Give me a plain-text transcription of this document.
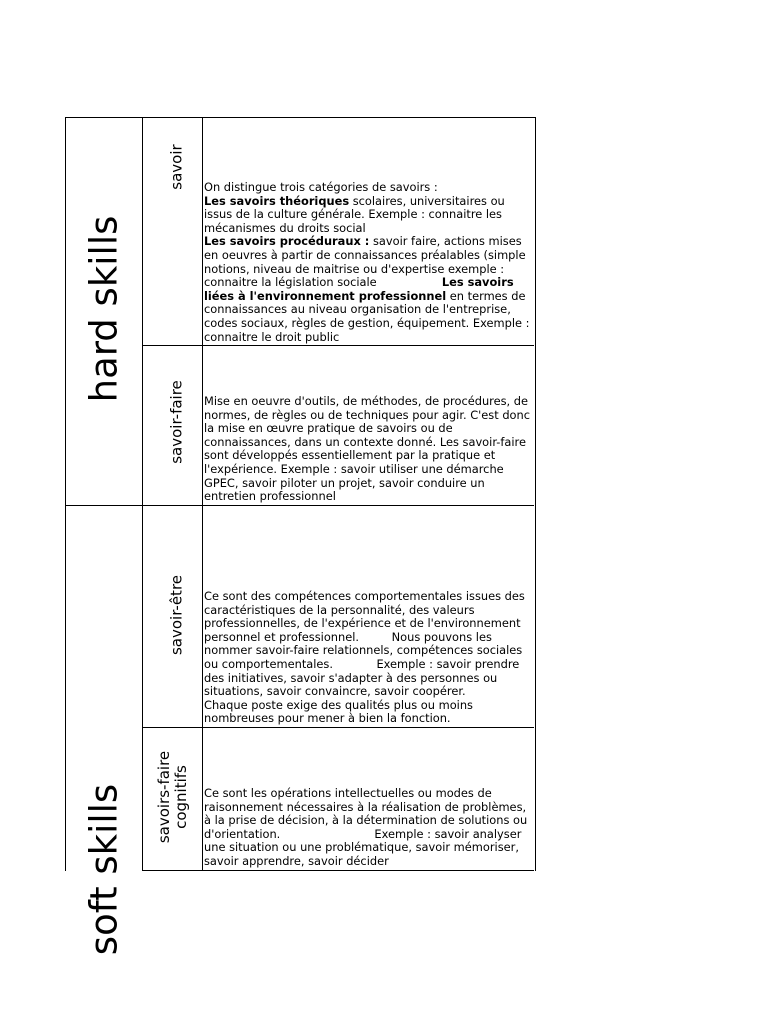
hard skills
soft skills
savoir
savoir-faire
savoir-être
savoirs-faire
cognitifs
On distingue trois catégories de savoirs :
Les savoirs théoriques scolaires, universitaires ou issus de la culture générale. Exemple : connaitre les mécanismes du droits social
Les savoirs procéduraux : savoir faire, actions mises en oeuvres à partir de connaissances préalables (simple notions, niveau de maitrise ou d'expertise exemple : connaitre la législation sociale                  Les savoirs liées à l'environnement professionnel en termes de connaissances au niveau organisation de l'entreprise, codes sociaux, règles de gestion, équipement. Exemple : connaitre le droit public
Mise en oeuvre d'outils, de méthodes, de procédures, de normes, de règles ou de techniques pour agir. C'est donc la mise en œuvre pratique de savoirs ou de connaissances, dans un contexte donné. Les savoir-faire sont développés essentiellement par la pratique et l'expérience. Exemple : savoir utiliser une démarche GPEC, savoir piloter un projet, savoir conduire un entretien professionnel
Ce sont des compétences comportementales issues des caractéristiques de la personnalité, des valeurs professionnelles, de l'expérience et de l'environnement personnel et professionnel.         Nous pouvons les nommer savoir-faire relationnels, compétences sociales ou comportementales.            Exemple : savoir prendre des initiatives, savoir s'adapter à des personnes ou situations, savoir convaincre, savoir coopérer.                                      Chaque poste exige des qualités plus ou moins nombreuses pour mener à bien la fonction.
Ce sont les opérations intellectuelles ou modes de raisonnement nécessaires à la réalisation de problèmes, à la prise de décision, à la détermination de solutions ou d'orientation.                          Exemple : savoir analyser une situation ou une problématique, savoir mémoriser, savoir apprendre, savoir décider
